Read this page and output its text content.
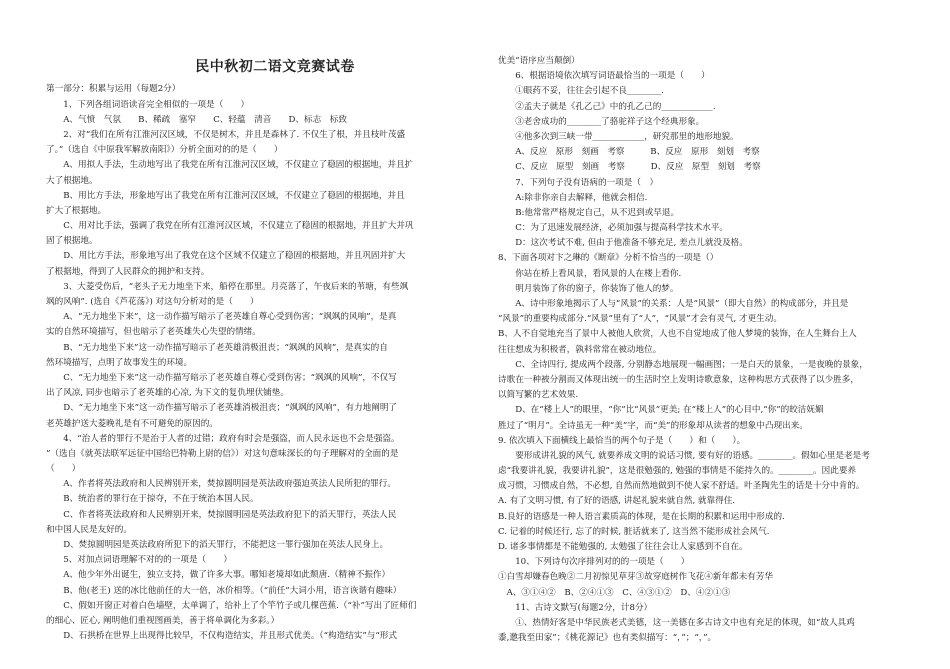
民中秋初二语文竞赛试卷
第一部分：积累与运用（每题2分）
　　1、下列各组词语读音完全相似的一项是（　　）
　　A、气愤　气氛　　B、稀疏　塞窄　　C、轻蕴　清音　　D、标志　标致
　　2、对“我们在所有江淮河汉区域，不仅是树木，并且是森林了. 不仅生了根，并且枝叶茂盛
了。”（选自《中原我军解放南阳》）分析全面对的的是（　　）
　　A、用拟人手法，生动地写出了我党在所有江淮河汉区域，不仅建立了稳固的根据地，并且扩
大了根据地。
　　B、用比方手法，形象地写出了我党在所有江淮河汉区域，不仅建立了稳固的根据地，并且
扩大了根据地。
　　C、用对比手法，强调了我党在所有江淮河汉区域，不仅建立了稳固的根据地，并且扩大并巩
固了根据地。
　　D、用比方手法，形象地写出了我党在这个区域不仅建立了稳固的根据地，并且巩固并扩大
了根据地，得到了人民群众的拥护和支持。
　　3、大菱受伤后，“老头子无力地坐下来，船停在那里。月亮落了，午夜后来的苇塘，有些飒
飒的风响”. (选自《芦花荡》) 对这句分析对的是（　　）
　　A、“无力地坐下来”，这一动作描写暗示了老英雄自尊心受到伤害；“飒飒的风响”，是真
实的自然环境描写，但也暗示了老英雄失心失望的情绪。
　　B、“无力地坐下来”这一动作描写暗示了老英雄消极沮丧；“飒飒的风响”，是真实的自
然环境描写，点明了故事发生的环境。
　　C、“无力地坐下来”这一动作描写暗示了老英雄自尊心受到伤害；“飒飒的风响”，不仅写
出了风凉, 同步也暗示了老英雄的心凉, 为下文的复仇埋伏铺垫。
　　D、“无力地坐下来”这一动作描写暗示了老英雄消极沮丧；“飒飒的风响”，有力地阐明了
老英雄护送大菱晚礼是有不可避免的原因的。
　　4、“治人者的罪行不是治于人者的过错；政府有时会是强盗，而人民永远也不会是强盗。
”（选自《就英法联军远征中国给巴特勒上尉的信》）对这句意味深长的句子理解对的全面的是
（　　）
　　A、作者将英法政府和人民辨别开来，焚掠圆明园是英法政府强迫英法人民所犯的罪行。
　　B、统治者的罪行在于掠夺，不在于统治本国人民。
　　C、作者将英法政府和人民辨别开来，焚掠圆明园是英法政府犯下的滔天罪行，英法人民
和中国人民是友好的。
　　D、焚掠圆明园是英法政府所犯下的滔天罪行，不能把这一罪行强加在英法人民身上。
　　5、对加点词语理解不对的的一项是（　　）
　　A、他少年外出诞生，独立支持，做了许多大事。哪知老境却如此颓唐.（精神不振作）
　　B、他(老王) 送的冰比他前任的大一倍，冰价相等。（“前任”大词小用，语言诙谐有趣味）
　　C、假如开窗正对着白色墙壁，太单调了，给补上了个竿竹子或几棵芭蕉.（“补”写出了匠师们
的细心、匠心, 阐明他们重视图画美，善于将单调化为多彩。）
　　D、石拱桥在世界上出现得比较早，不仅构造结实，并且形式优美。（“构造结实”与“形式
优美”语序应当颠倒）
　　6、根据语境依次填写词语最恰当的一项是（　　）
　　①眼药不妥，往往会引起不良________.
　　②孟夫子就是《孔乙己》中的孔乙己的____________.
　　③老舍成功的________了骆驼祥子这个经典形象。
　　④他多次到三峡一带____________，研究那里的地形地貌。
　　A、反应　原形　刻画　考察　　　B、反应　原形　刻划　考察
　　C、反应　原型　刻画　考察　　　D、反应　原型　刻划　考察
　　7、下列句子没有语病的一项是（　）
　　A:除非你亲自去解释，他就会相信.
　　B:他常常严格规定自己，从不迟到或早退。
　　C：为了迅速发展经济，必须加强与提高科学技术水平。
　　D：这次考试不难, 但由于他准备不够充足, 差点儿就没及格。
8、下面各项对卞之琳的《断章》分析不恰当的一项是（）
　　你站在桥上看风景，看风景的人在楼上看你.
　　明月装饰了你的窗子，你装饰了他人的梦。
　　A、诗中形象地揭示了人与“风景”的关系：人是“风景”（即大自然）的构成部分，并且是
“风景”的重要构成部分.“风景”里有了“人”，“风景”才会有灵气, 才更生动。
B、人不自觉地充当了景中人被他人欣赏，人也不自觉地成了他人梦境的装饰，在人生舞台上人
往往想成为积极者，孰料常常在被动地位。
　　C、全诗四行, 提成两个段落, 分别静态地展现一幅画图；一是白天的景象，一是夜晚的景象，
诗歌在一种被分割而又体现出统一的生活时空上发明诗歌意象，这种构思方式获得了以少胜多，
以简写繁的艺术效果.
　　D、在“楼上人”的眼里，“你”比“风景”更美; 在“楼上人”的心目中,“你”的皎洁妩媚
胜过了“明月”。全诗虽无一种“美”字，而“美”的形象却从读者的想象中凸现出来。
9. 依次填入下面横线上最恰当的两个句子是（　　）和（　　）。
　　要形成讲礼貌的风气, 就要养成文明的说话习惯, 要有好的语感。________。假如心里是老是考
虑“我要讲礼貌，我要讲礼貌”，这是很勉强的, 勉强的事情是不能持久的。________。因此要养
成习惯，习惯成自然，不必想, 自然而然地做到不使人家不舒适。叶圣陶先生的话是十分中肯的。
A. 有了文明习惯, 有了好的语感, 讲起礼貌来就自然, 就靠得住.
B.良好的语感是一种人语言素质高的体现，是在长期的积累和运用中形成的.
C. 记着的时候还行, 忘了的时候, 脏话就来了, 这当然不能形成社会风气.
D. 诸多事情都是不能勉强的, 太勉强了往往会让人家感到不自在。
　　10、下列诗句次序排列对的的一项是（　　）
①白雪却嫌春色晚②二月初惊见草芽③故穿庭树作飞花④新年都未有芳华
　A、③①④②　B、②④①③　C、④③①②　D、④②①③
　　11、古诗文默写(每题2分，计8分）
　　①、热情好客是中华民族老式美德，这一美德在多古诗文中也有充足的体现，如“故人具鸡
黍,邀我至田家”；《桃花源记》也有类似描写：“，”；“，”。
